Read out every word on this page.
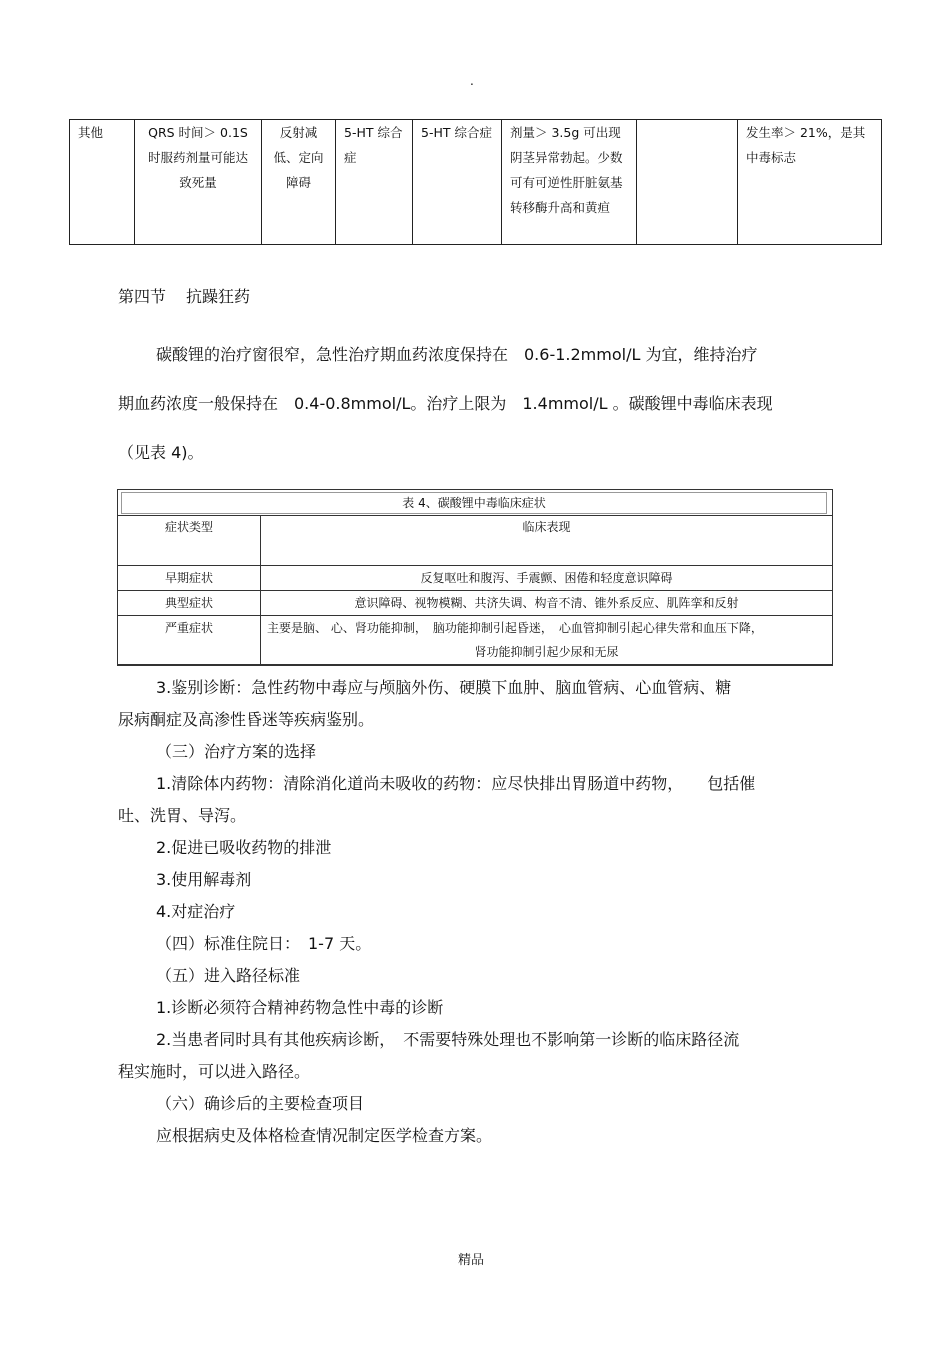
.
其他	QRS 时间＞ 0.1S 时服药剂量可能达致死量	反射减低、定向障碍	5-HT 综合症	5-HT 综合症	剂量＞ 3.5g 可出现阴茎异常勃起。少数可有可逆性肝脏氨基转移酶升高和黄疸		发生率＞ 21%，是其中毒标志
第四节 抗躁狂药
碳酸锂的治疗窗很窄，急性治疗期血药浓度保持在　0.6-1.2mmol/L 为宜，维持治疗
期血药浓度一般保持在　0.4-0.8mmol/L。治疗上限为　1.4mmol/L 。碳酸锂中毒临床表现
（见表 4)。
表 4、碳酸锂中毒临床症状
症状类型	临床表现
早期症状	反复呕吐和腹泻、手震颤、困倦和轻度意识障碍
典型症状	意识障碍、视物模糊、共济失调、构音不清、锥外系反应、肌阵挛和反射
严重症状	主要是脑、 心、肾功能抑制，　脑功能抑制引起昏迷，　心血管抑制引起心律失常和血压下降，
肾功能抑制引起少尿和无尿

3.鉴别诊断：急性药物中毒应与颅脑外伤、硬膜下血肿、脑血管病、心血管病、糖

尿病酮症及高渗性昏迷等疾病鉴别。

（三）治疗方案的选择

1.清除体内药物：清除消化道尚未吸收的药物：应尽快排出胃肠道中药物，　　包括催

吐、洗胃、导泻。

2.促进已吸收药物的排泄

3.使用解毒剂

4.对症治疗

（四）标准住院日：　1-7 天。

（五）进入路径标准

1.诊断必须符合精神药物急性中毒的诊断

2.当患者同时具有其他疾病诊断，　不需要特殊处理也不影响第一诊断的临床路径流

程实施时，可以进入路径。

（六）确诊后的主要检查项目

应根据病史及体格检查情况制定医学检查方案。

精品
